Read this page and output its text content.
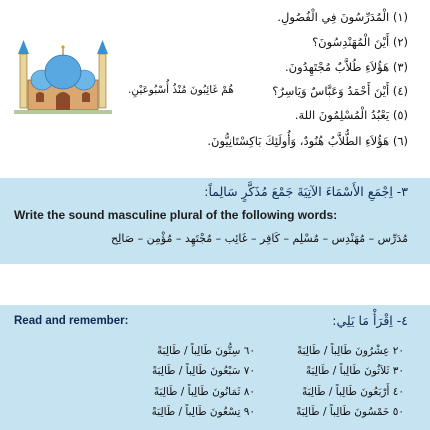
(١) الْمُدَرِّسُونَ فِي الْفُصُولِ.
(٢) أَيْنَ الْمُهَنْدِسُونَ؟
(٣) هَؤُلاَءِ طُلاَّبٌ مُجْتَهِدُونَ.
(٤) أَيْنَ أَحْمَدُ وَعَبَّاسٌ وَيَاسِرٌ؟
هُمْ غَائِبُونَ مُنْذُ أُسْبُوعَيْنِ.
(٥) يَعْبُدُ الْمُسْلِمُونَ اللهَ.
(٦) هَؤُلاَءِ الطُّلاَّبُ هُنُودٌ، وَأُولَئِكَ بَاكِسْتَانِيُّونَ.
٣- اِجْمَعِ الأَسْمَاءَ الآتِيَةَ جَمْعَ مُذَكَّرٍ سَالِماً:
Write the sound masculine plural of the following words:
مُدَرِّس – مُهَنْدِس – مُسْلِم – كَافِر – غَائِب – مُجْتَهِد – مُؤْمِن – صَالِح
Read and remember:	٤- اِقْرَأْ مَا يَلِي:
٢٠ عِشْرُونَ طَالِباً / طَالِبَةً
٣٠ ثَلاَثُونَ طَالِباً / طَالِبَةً
٤٠ أَرْبَعُونَ طَالِباً / طَالِبَةً
٥٠ خَمْسُونَ طَالِباً / طَالِبَةً
٦٠ سِتُّونَ طَالِباً / طَالِبَةً
٧٠ سَبْعُونَ طَالِباً / طَالِبَةً
٨٠ ثَمَانُونَ طَالِباً / طَالِبَةً
٩٠ تِسْعُونَ طَالِباً / طَالِبَةً
